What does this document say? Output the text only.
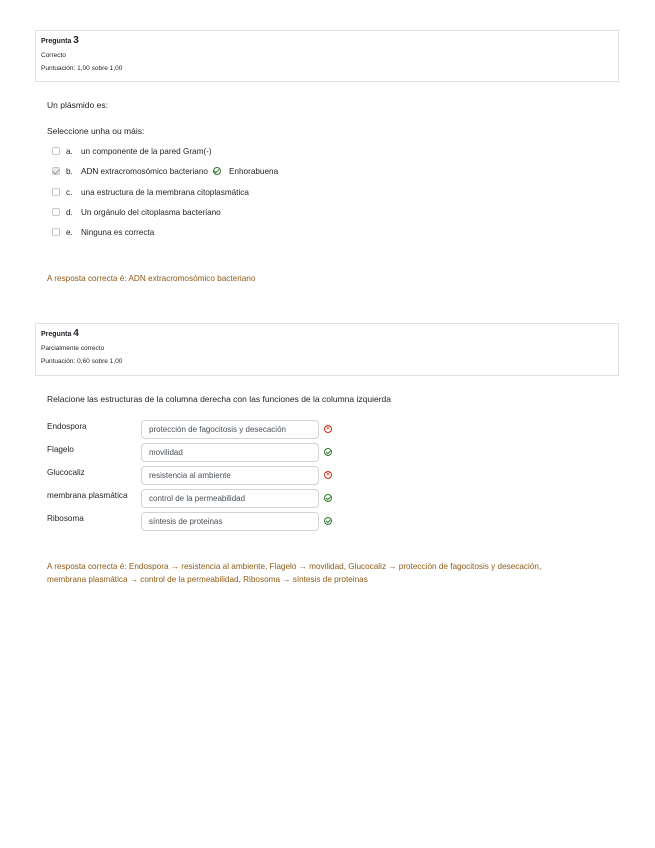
Pregunta 3
Correcto
Puntuación: 1,00 sobre 1,00
Un plásmido es:
Seleccione unha ou máis:
a. un componente de la pared Gram(-)
b. ADN extracromosómico bacteriano	Enhorabuena
c.	una estructura de la membrana citoplasmática
d. Un orgánulo del citoplasma bacteriano
e. Ninguna es correcta
A resposta correcta é: ADN extracromosómico bacteriano
Pregunta 4
Parcialmente correcto
Puntuación: 0,60 sobre 1,00
Relacione las estructuras de la columna derecha con las funciones de la columna izquierda
Endospora	protección de fagocitosis y desecación	✕
Flagelo	movilidad
Glucocaliz	resistencia al ambiente	✕
membrana plasmática	control de la permeabilidad
Ribosoma	síntesis de proteinas
A resposta correcta é: Endospora → resistencia al ambiente, Flagelo → movilidad, Glucocaliz → protección de fagocitosis y desecación,
membrana plasmática → control de la permeabilidad, Ribosoma → síntesis de proteinas
